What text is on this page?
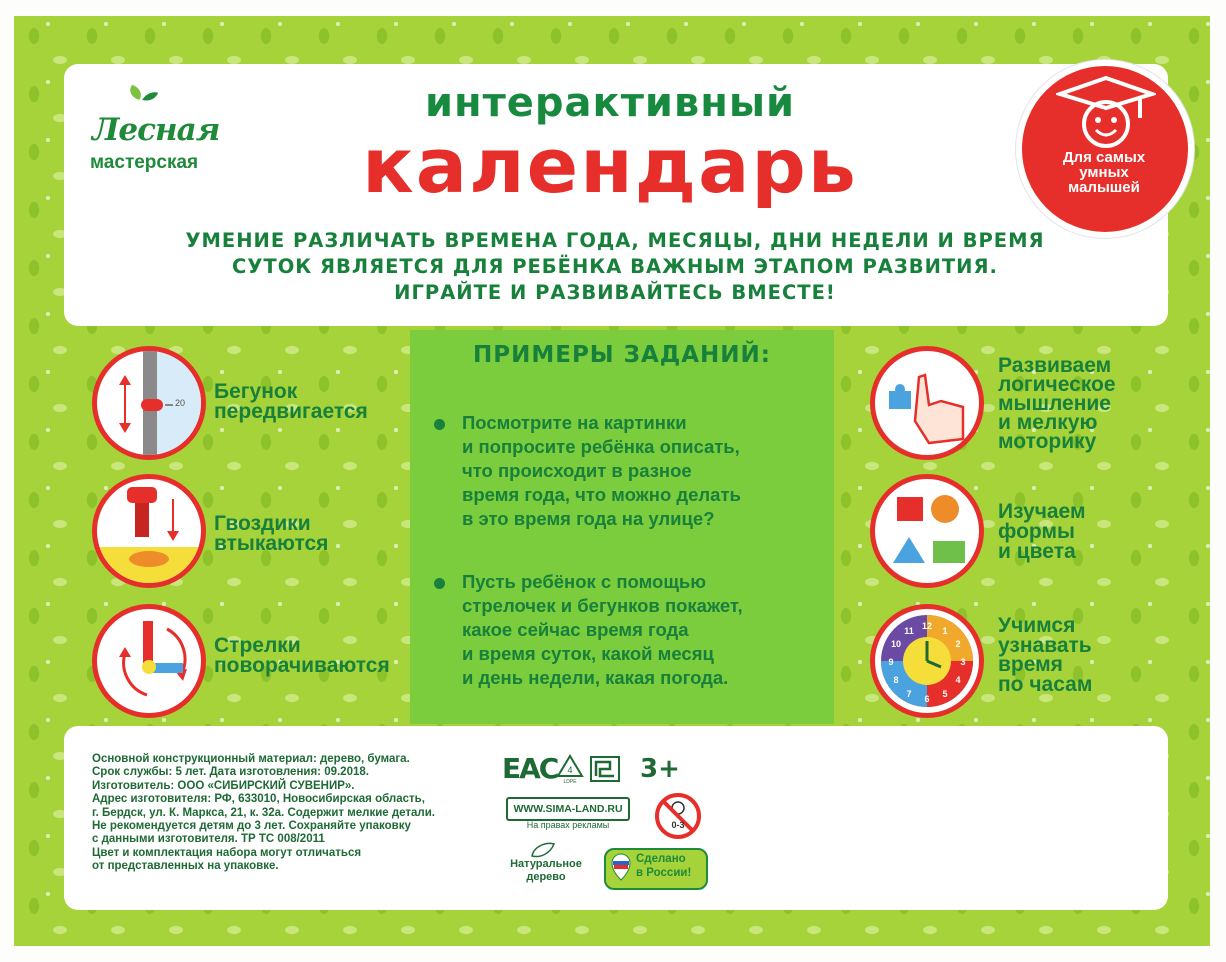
Лесная
мастерская
интерактивный
календарь	Для самых
умных
малышей
УМЕНИЕ РАЗЛИЧАТЬ ВРЕМЕНА ГОДА, МЕСЯЦЫ, ДНИ НЕДЕЛИ И ВРЕМЯ
СУТОК ЯВЛЯЕТСЯ ДЛЯ РЕБЁНКА ВАЖНЫМ ЭТАПОМ РАЗВИТИЯ.
ИГРАЙТЕ И РАЗВИВАЙТЕСЬ ВМЕСТЕ!
ПРИМЕРЫ ЗАДАНИЙ:
Посмотрите на картинки
и попросите ребёнка описать,
что происходит в разное
время года, что можно делать
в это время года на улице?
Пусть ребёнок с помощью
стрелочек и бегунков покажет,
какое сейчас время года
и время суток, какой месяц
и день недели, какая погода.
20 Бегунок
передвигается
Гвоздики
втыкаются
Стрелки
поворачиваются
Развиваем
логическое
мышление
и мелкую
моторику
Изучаем
формы
и цвета
12 1
2
3
4
5
6
7
8
9
10
11	Учимся
узнавать
время
по часам
Основной конструкционный материал: дерево, бумага.
Срок службы: 5 лет. Дата изготовления: 09.2018.
Изготовитель: ООО «СИБИРСКИЙ СУВЕНИР».
Адрес изготовителя: РФ, 633010, Новосибирская область,
г. Бердск, ул. К. Маркса, 21, к. 32а. Содержит мелкие детали.
Не рекомендуется детям до 3 лет. Сохраняйте упаковку
с данными изготовителя. ТР ТС 008/2011
Цвет и комплектация набора могут отличаться
от представленных на упаковке.
EAC 4
LDPE 3+
WWW.SIMA-LAND.RU
На правах рекламы	0-3
Натуральное
дерево
Сделано
в России!
